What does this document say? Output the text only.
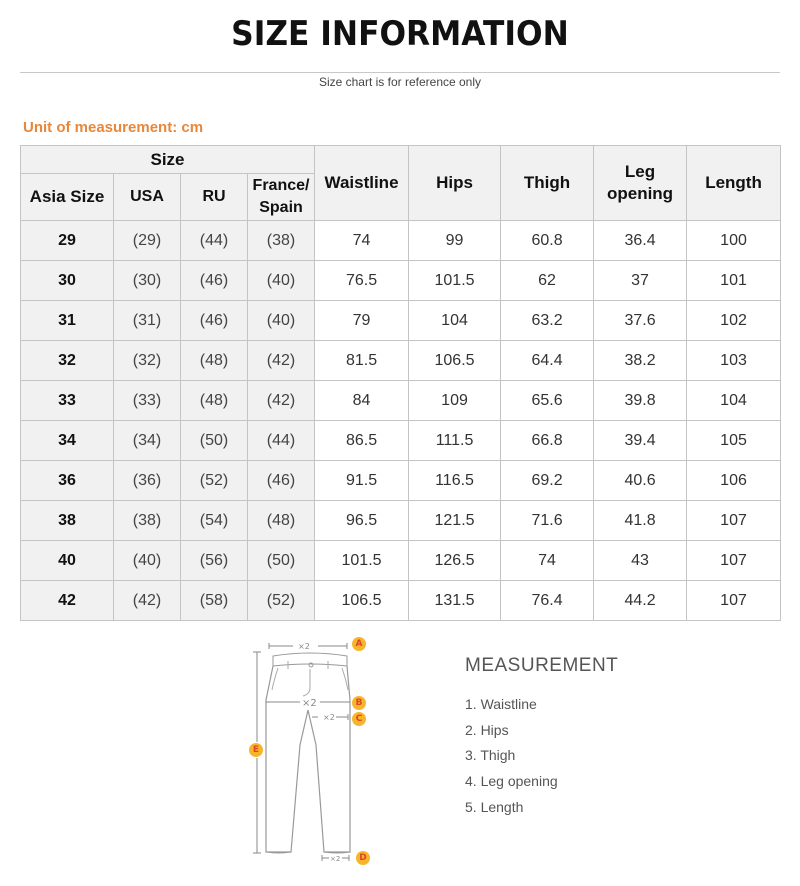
SIZE INFORMATION
Size chart is for reference only
Unit of measurement: cm
Size				Waistline	Hips	Thigh	Leg
opening	Length
Asia Size	USA	RU	France/
Spain					
29	(29)	(44)	(38)	74	99	60.8	36.4	100
30	(30)	(46)	(40)	76.5	101.5	62	37	101
31	(31)	(46)	(40)	79	104	63.2	37.6	102
32	(32)	(48)	(42)	81.5	106.5	64.4	38.2	103
33	(33)	(48)	(42)	84	109	65.6	39.8	104
34	(34)	(50)	(44)	86.5	111.5	66.8	39.4	105
36	(36)	(52)	(46)	91.5	116.5	69.2	40.6	106
38	(38)	(54)	(48)	96.5	121.5	71.6	41.8	107
40	(40)	(56)	(50)	101.5	126.5	74	43	107
42	(42)	(58)	(52)	106.5	131.5	76.4	44.2	107
×2
×2
×2
×2
A
B
C
D
E
MEASUREMENT
1. Waistline
2. Hips
3. Thigh
4. Leg opening
5. Length
